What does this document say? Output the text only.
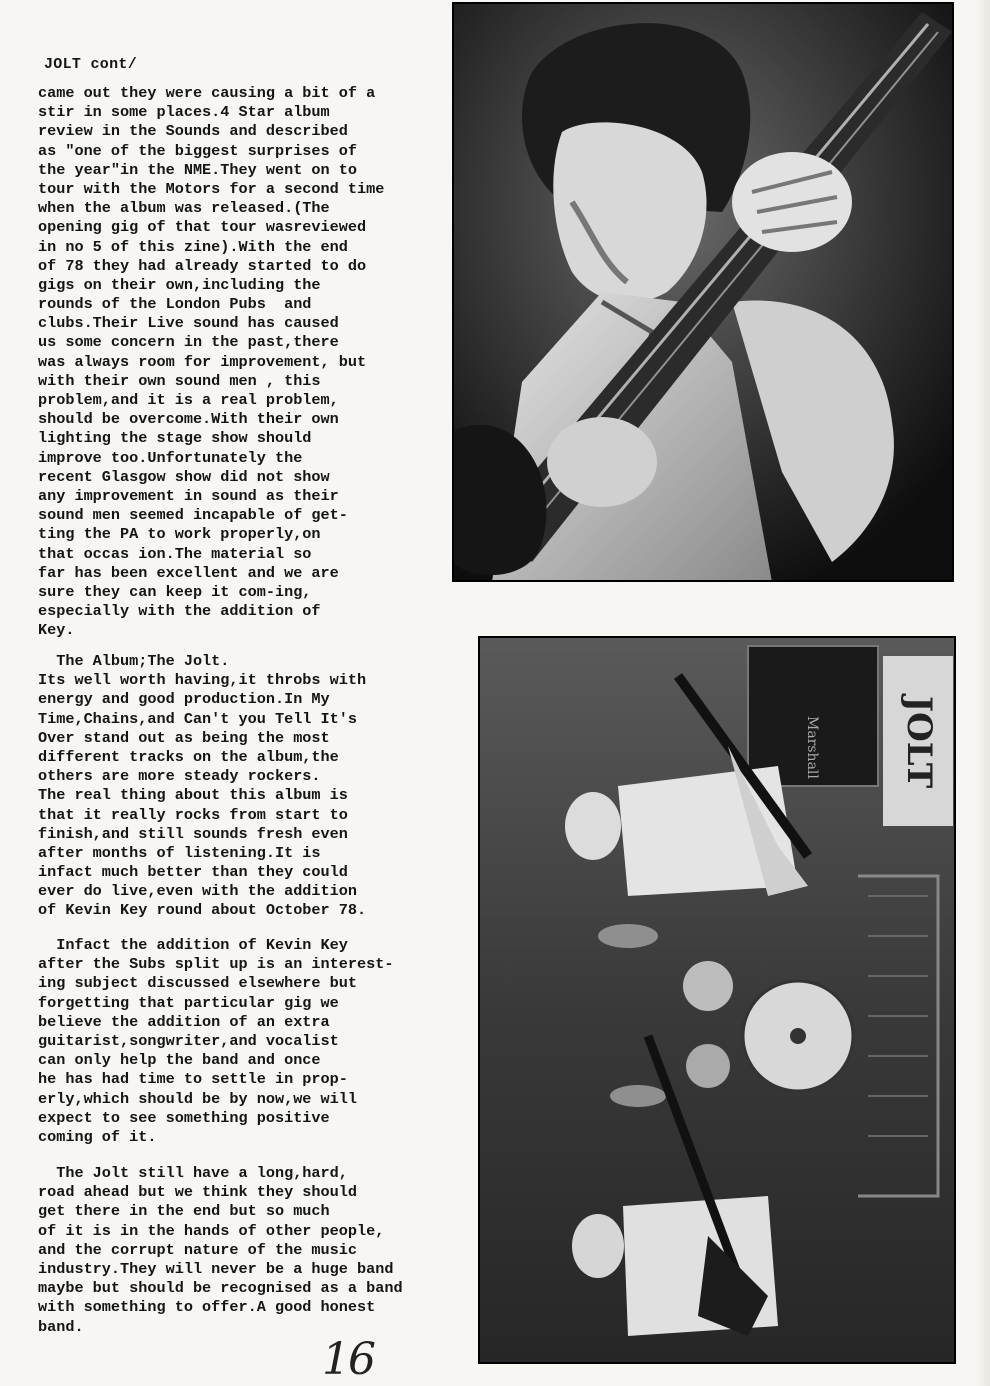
JOLT cont/
came out they were causing a bit of a
stir in some places.4 Star album
review in the Sounds and described
as "one of the biggest surprises of
the year"in the NME.They went on to
tour with the Motors for a second time
when the album was released.(The
opening gig of that tour wasreviewed
in no 5 of this zine).With the end
of 78 they had already started to do
gigs on their own,including the
rounds of the London Pubs  and
clubs.Their Live sound has caused
us some concern in the past,there
was always room for improvement, but
with their own sound men , this
problem,and it is a real problem,
should be overcome.With their own
lighting the stage show should
improve too.Unfortunately the
recent Glasgow show did not show
any improvement in sound as their
sound men seemed incapable of get-
ting the PA to work properly,on
that occas ion.The material so
far has been excellent and we are
sure they can keep it com-ing,
especially with the addition of
Key.
The Album;The Jolt.
Its well worth having,it throbs with
energy and good production.In My
Time,Chains,and Can't you Tell It's
Over stand out as being the most
different tracks on the album,the
others are more steady rockers.
The real thing about this album is
that it really rocks from start to
finish,and still sounds fresh even
after months of listening.It is
infact much better than they could
ever do live,even with the addition
of Kevin Key round about October 78.
Infact the addition of Kevin Key
after the Subs split up is an interest-
ing subject discussed elsewhere but
forgetting that particular gig we
believe the addition of an extra
guitarist,songwriter,and vocalist
can only help the band and once
he has had time to settle in prop-
erly,which should be by now,we will
expect to see something positive
coming of it.
The Jolt still have a long,hard,
road ahead but we think they should
get there in the end but so much
of it is in the hands of other people,
and the corrupt nature of the music
industry.They will never be a huge band
maybe but should be recognised as a band
with something to offer.A good honest
band.
Marshall JOLT
16
